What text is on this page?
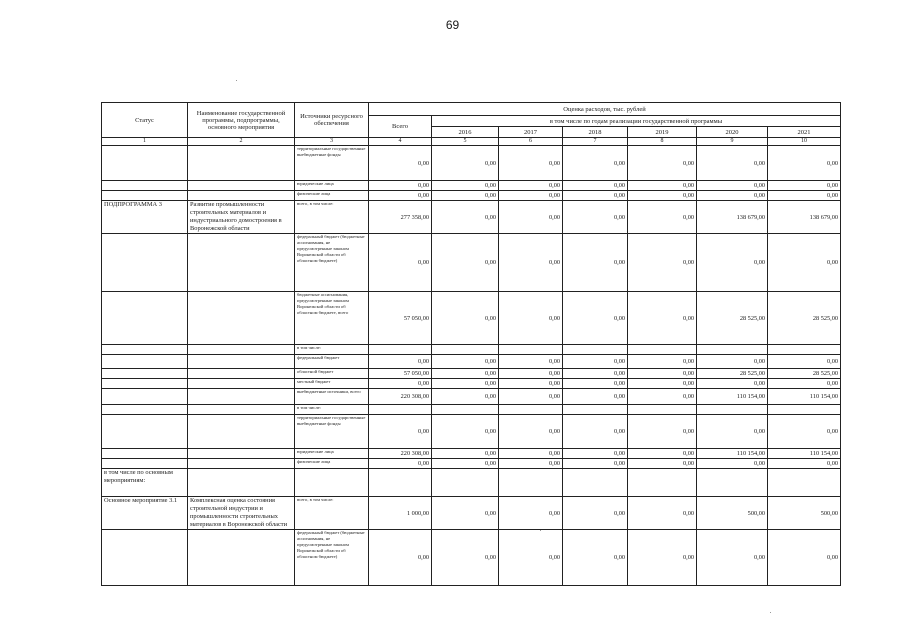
69
Статус	Наименование государственной программы, подпрограммы, основного мероприятия	Источники ресурсного обеспечения	Оценка расходов, тыс. рублей						
			Всего	в том числе по годам реализации государственной программы					
				2016	2017	2018	2019	2020	2021
1	2	3	4	5	6	7	8	9	10
		территориальные государственные внебюджетные фонды	0,00	0,00	0,00	0,00	0,00	0,00	0,00
		юридические лица	0,00	0,00	0,00	0,00	0,00	0,00	0,00
		физические лица	0,00	0,00	0,00	0,00	0,00	0,00	0,00
ПОДПРОГРАММА 3	Развитие промышленности строительных материалов и индустриального домостроения в Воронежской области	всего, в том числе:	277 358,00	0,00	0,00	0,00	0,00	138 679,00	138 679,00
		федеральный бюджет (бюджетные ассигнования, не предусмотренные законом Воронежской области об областном бюджете)	0,00	0,00	0,00	0,00	0,00	0,00	0,00
		бюджетные ассигнования, предусмотренные законом Воронежской области об областном бюджете, всего	57 050,00	0,00	0,00	0,00	0,00	28 525,00	28 525,00
		в том числе:							
		федеральный бюджет	0,00	0,00	0,00	0,00	0,00	0,00	0,00
		областной бюджет	57 050,00	0,00	0,00	0,00	0,00	28 525,00	28 525,00
		местный бюджет	0,00	0,00	0,00	0,00	0,00	0,00	0,00
		внебюджетные источники, всего	220 308,00	0,00	0,00	0,00	0,00	110 154,00	110 154,00
		в том числе:							
		территориальные государственные внебюджетные фонды	0,00	0,00	0,00	0,00	0,00	0,00	0,00
		юридические лица	220 308,00	0,00	0,00	0,00	0,00	110 154,00	110 154,00
		физические лица	0,00	0,00	0,00	0,00	0,00	0,00	0,00
в том числе по основным мероприятиям:									
Основное мероприятие 3.1	Комплексная оценка состояния строительной индустрии и промышленности строительных материалов в Воронежской области	всего, в том числе:	1 000,00	0,00	0,00	0,00	0,00	500,00	500,00
		федеральный бюджет (бюджетные ассигнования, не предусмотренные законом Воронежской области об областном бюджете)	0,00	0,00	0,00	0,00	0,00	0,00	0,00
